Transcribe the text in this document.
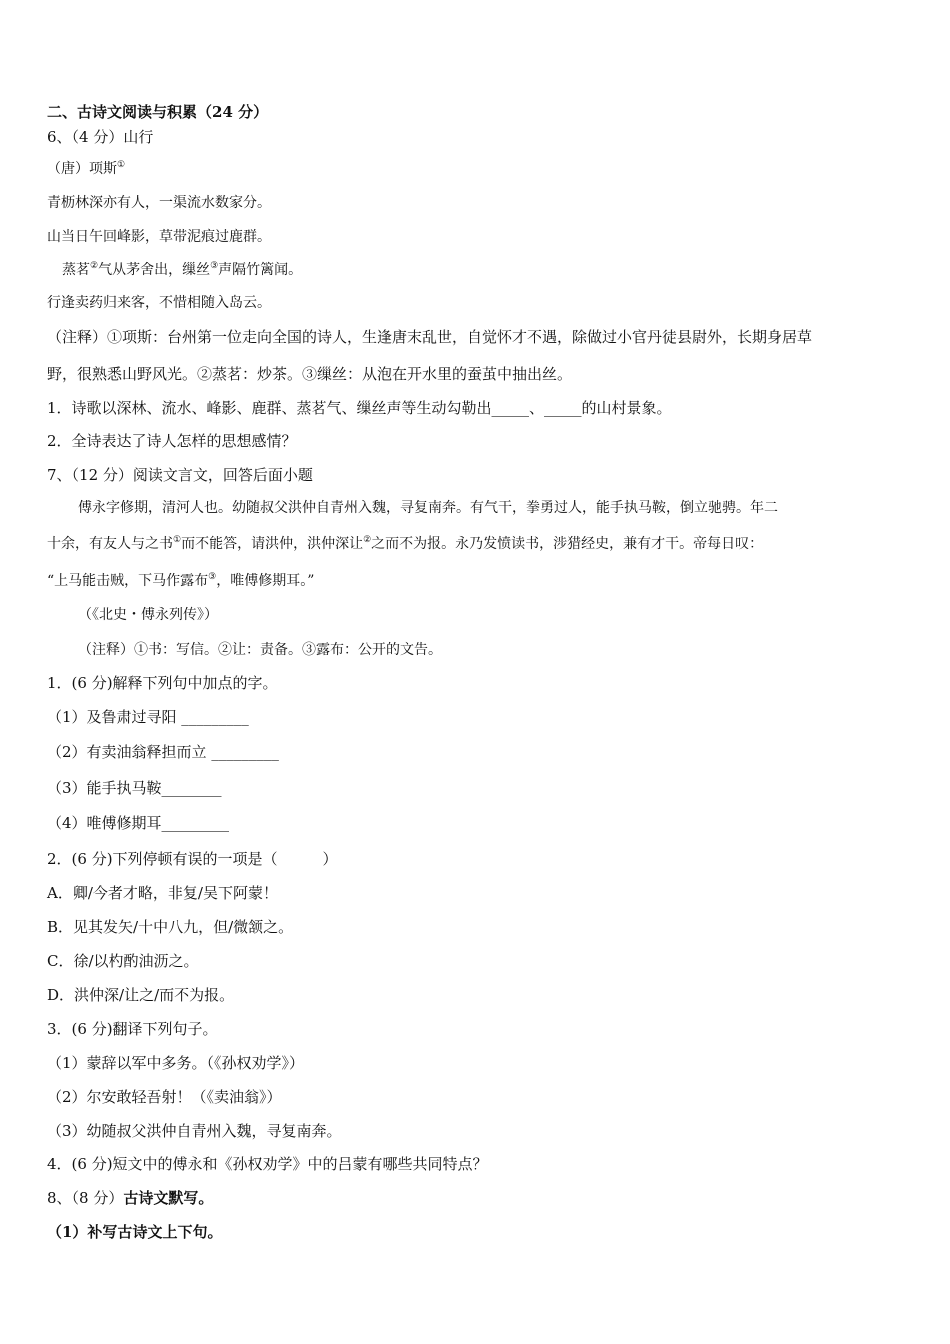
二、古诗文阅读与积累（24 分）
6、（4 分）山行
（唐）项斯①
青枥林深亦有人，一渠流水数家分。
山当日午回峰影，草带泥痕过鹿群。
蒸茗②气从茅舍出，缫丝③声隔竹篱闻。
行逢卖药归来客，不惜相随入岛云。
（注释）①项斯：台州第一位走向全国的诗人，生逢唐末乱世，自觉怀才不遇，除做过小官丹徒县尉外，长期身居草
野，很熟悉山野风光。②蒸茗：炒茶。③缫丝：从泡在开水里的蚕茧中抽出丝。
1．诗歌以深林、流水、峰影、鹿群、蒸茗气、缫丝声等生动勾勒出_____、_____的山村景象。
2．全诗表达了诗人怎样的思想感情？
7、（12 分）阅读文言文，回答后面小题
傅永字修期，清河人也。幼随叔父洪仲自青州入魏，寻复南奔。有气干，拳勇过人，能手执马鞍，倒立驰骋。年二
十余，有友人与之书①而不能答，请洪仲，洪仲深让②之而不为报。永乃发愤读书，涉猎经史，兼有才干。帝每日叹：
“上马能击贼，下马作露布③，唯傅修期耳。”
（《北史・傅永列传》）
（注释）①书：写信。②让：责备。③露布：公开的文告。
1．(6 分)解释下列句中加点的字。
（1）及鲁肃过寻阳 _________
（2）有卖油翁释担而立 _________
（3）能手执马鞍________
（4）唯傅修期耳_________
2．(6 分)下列停顿有误的一项是（　　　）
A．卿/今者才略，非复/吴下阿蒙！
B．见其发矢/十中八九，但/微颔之。
C．徐/以杓酌油沥之。
D．洪仲深/让之/而不为报。
3．(6 分)翻译下列句子。
（1）蒙辞以军中多务。（《孙权劝学》）
（2）尔安敢轻吾射！（《卖油翁》）
（3）幼随叔父洪仲自青州入魏，寻复南奔。
4．(6 分)短文中的傅永和《孙权劝学》中的吕蒙有哪些共同特点？
8、（8 分）古诗文默写。
（1）补写古诗文上下句。
